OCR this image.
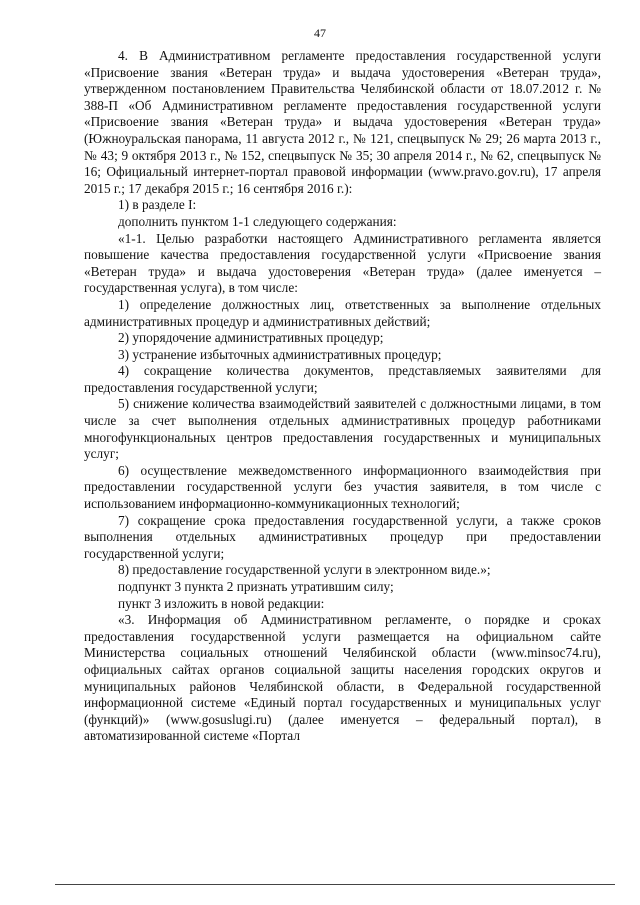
47

4. В Административном регламенте предоставления государственной услуги «Присвоение звания «Ветеран труда» и выдача удостоверения «Ветеран труда», утвержденном постановлением Правительства Челябинской области от 18.07.2012 г. № 388-П «Об Административном регламенте предоставления государственной услуги «Присвоение звания «Ветеран труда» и выдача удостоверения «Ветеран труда» (Южноуральская панорама, 11 августа 2012 г., № 121, спецвыпуск № 29; 26 марта 2013 г., № 43; 9 октября 2013 г., № 152, спецвыпуск № 35; 30 апреля 2014 г., № 62, спецвыпуск № 16; Официальный интернет-портал правовой информации (www.pravo.gov.ru), 17 апреля 2015 г.; 17 декабря 2015 г.; 16 сентября 2016 г.):

1) в разделе I:

дополнить пунктом 1-1 следующего содержания:

«1-1. Целью разработки настоящего Административного регламента является повышение качества предоставления государственной услуги «Присвоение звания «Ветеран труда» и выдача удостоверения «Ветеран труда» (далее именуется – государственная услуга), в том числе:

1) определение должностных лиц, ответственных за выполнение отдельных административных процедур и административных действий;

2) упорядочение административных процедур;

3) устранение избыточных административных процедур;

4) сокращение количества документов, представляемых заявителями для предоставления государственной услуги;

5) снижение количества взаимодействий заявителей с должностными лицами, в том числе за счет выполнения отдельных административных процедур работниками многофункциональных центров предоставления государственных и муниципальных услуг;

6) осуществление межведомственного информационного взаимодействия при предоставлении государственной услуги без участия заявителя, в том числе с использованием информационно-коммуникационных технологий;

7) сокращение срока предоставления государственной услуги, а также сроков выполнения отдельных административных процедур при предоставлении государственной услуги;

8) предоставление государственной услуги в электронном виде.»;

подпункт 3 пункта 2 признать утратившим силу;

пункт 3 изложить в новой редакции:

«3. Информация об Административном регламенте, о порядке и сроках предоставления государственной услуги размещается на официальном сайте Министерства социальных отношений Челябинской области (www.minsoc74.ru), официальных сайтах органов социальной защиты населения городских округов и муниципальных районов Челябинской области, в Федеральной государственной информационной системе «Единый портал государственных и муниципальных услуг (функций)» (www.gosuslugi.ru) (далее именуется – федеральный портал), в автоматизированной системе «Портал
